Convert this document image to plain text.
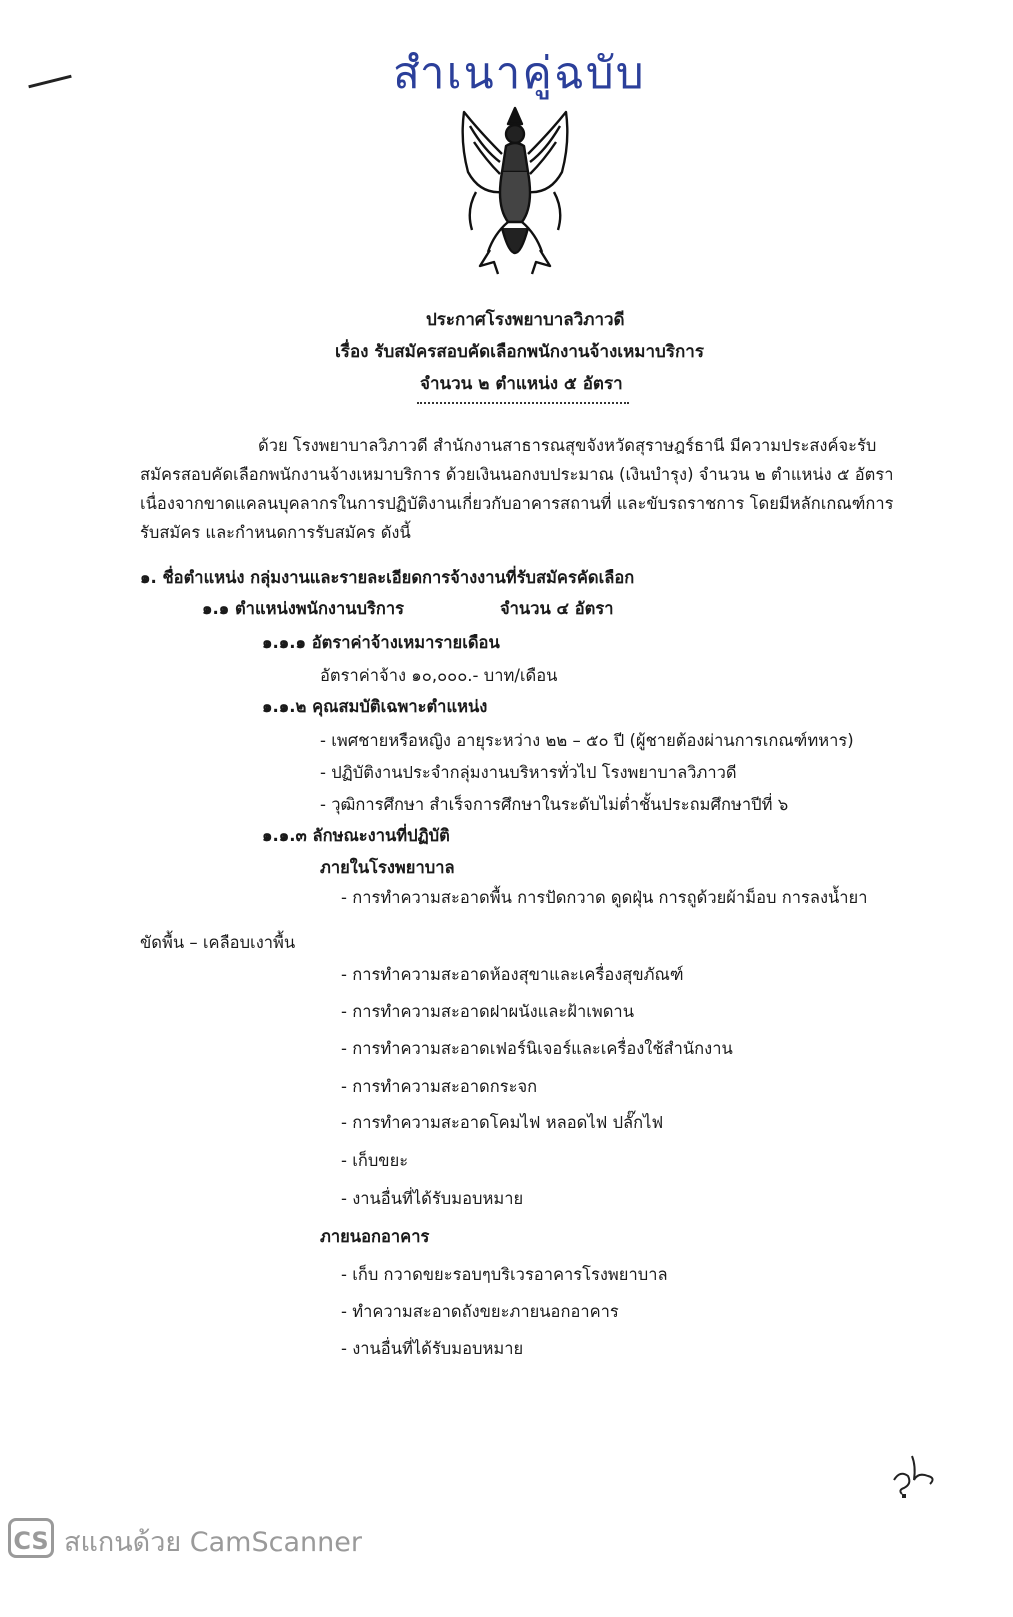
สำเนาคู่ฉบับ
ประกาศโรงพยาบาลวิภาวดี
เรื่อง รับสมัครสอบคัดเลือกพนักงานจ้างเหมาบริการ
จำนวน ๒ ตำแหน่ง ๕ อัตรา
ด้วย โรงพยาบาลวิภาวดี สำนักงานสาธารณสุขจังหวัดสุราษฎร์ธานี มีความประสงค์จะรับ
สมัครสอบคัดเลือกพนักงานจ้างเหมาบริการ ด้วยเงินนอกงบประมาณ (เงินบำรุง) จำนวน ๒ ตำแหน่ง ๕ อัตรา
เนื่องจากขาดแคลนบุคลากรในการปฏิบัติงานเกี่ยวกับอาคารสถานที่ และขับรถราชการ โดยมีหลักเกณฑ์การ
รับสมัคร และกำหนดการรับสมัคร ดังนี้
๑. ชื่อตำแหน่ง กลุ่มงานและรายละเอียดการจ้างงานที่รับสมัครคัดเลือก
๑.๑ ตำแหน่งพนักงานบริการ	จำนวน ๔ อัตรา
๑.๑.๑ อัตราค่าจ้างเหมารายเดือน
อัตราค่าจ้าง ๑๐,๐๐๐.- บาท/เดือน
๑.๑.๒ คุณสมบัติเฉพาะตำแหน่ง
- เพศชายหรือหญิง อายุระหว่าง ๒๒ – ๕๐ ปี (ผู้ชายต้องผ่านการเกณฑ์ทหาร)
- ปฏิบัติงานประจำกลุ่มงานบริหารทั่วไป โรงพยาบาลวิภาวดี
- วุฒิการศึกษา สำเร็จการศึกษาในระดับไม่ต่ำชั้นประถมศึกษาปีที่ ๖
๑.๑.๓ ลักษณะงานที่ปฏิบัติ
ภายในโรงพยาบาล
- การทำความสะอาดพื้น การปัดกวาด ดูดฝุ่น การถูด้วยผ้าม็อบ การลงน้ำยา
ขัดพื้น – เคลือบเงาพื้น
- การทำความสะอาดห้องสุขาและเครื่องสุขภัณฑ์
- การทำความสะอาดฝาผนังและฝ้าเพดาน
- การทำความสะอาดเฟอร์นิเจอร์และเครื่องใช้สำนักงาน
- การทำความสะอาดกระจก
- การทำความสะอาดโคมไฟ หลอดไฟ ปลั๊กไฟ
- เก็บขยะ
- งานอื่นที่ได้รับมอบหมาย
ภายนอกอาคาร
- เก็บ กวาดขยะรอบๆบริเวรอาคารโรงพยาบาล
- ทำความสะอาดถังขยะภายนอกอาคาร
- งานอื่นที่ได้รับมอบหมาย
CS สแกนด้วย CamScanner
